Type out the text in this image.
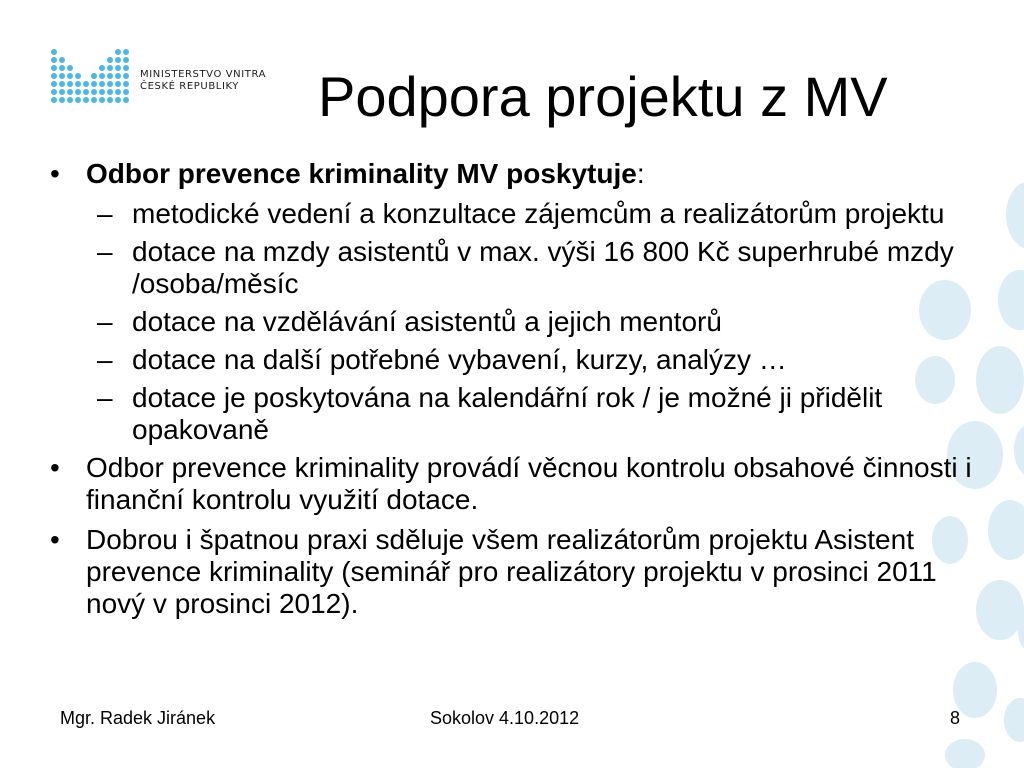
MINISTERSTVO VNITRA
ČESKÉ REPUBLIKY	Podpora projektu z MV
• Odbor prevence kriminality MV poskytuje:
– metodické vedení a konzultace zájemcům a realizátorům projektu
– dotace na mzdy asistentů v max. výši 16 800 Kč superhrubé mzdy /osoba/měsíc
– dotace na vzdělávání asistentů a jejich mentorů
– dotace na další potřebné vybavení, kurzy, analýzy …
– dotace je poskytována na kalendářní rok / je možné ji přidělit opakovaně
• Odbor prevence kriminality provádí věcnou kontrolu obsahové činnosti i finanční kontrolu využití dotace.
• Dobrou i špatnou praxi sděluje všem realizátorům projektu Asistent prevence kriminality (seminář pro realizátory projektu v prosinci 2011 nový v prosinci 2012).
Mgr. Radek Jiránek	Sokolov 4.10.2012	8
